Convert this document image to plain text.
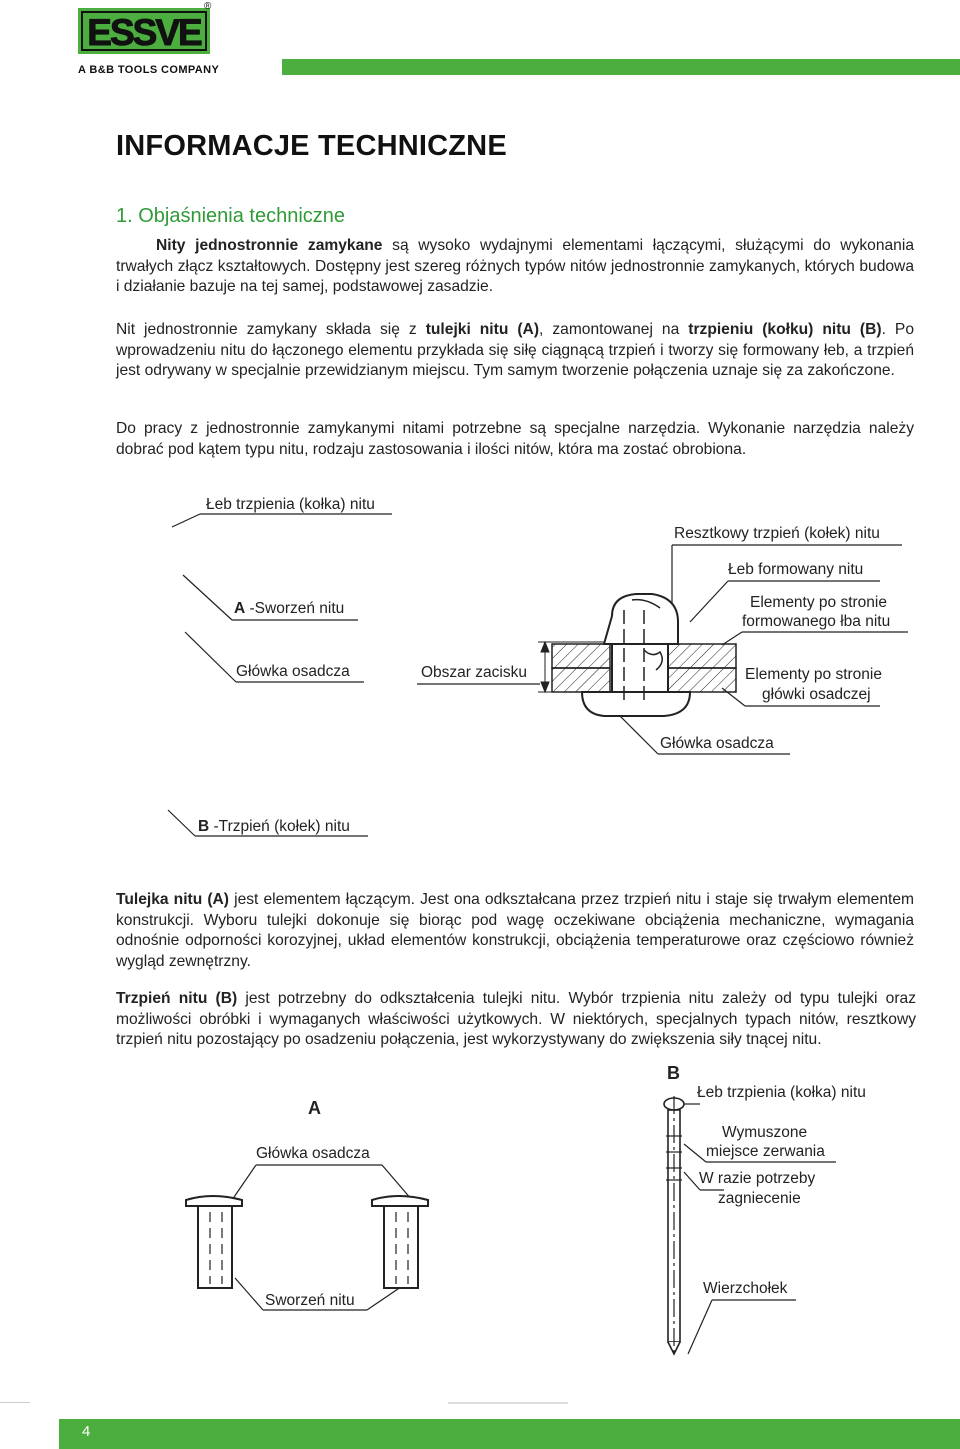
ESSVE
®
A B&B TOOLS COMPANY
INFORMACJE TECHNICZNE
1. Objaśnienia techniczne
Nity jednostronnie zamykane są wysoko wydajnymi elementami łączącymi, służącymi do wykonania trwałych złącz kształtowych. Dostępny jest szereg różnych typów nitów jednostronnie zamykanych, których budowa i działanie bazuje na tej samej, podstawowej zasadzie.
Nit jednostronnie zamykany składa się z tulejki nitu (A), zamontowanej na trzpieniu (kołku) nitu (B). Po wprowadzeniu nitu do łączonego elementu przykłada się siłę ciągnącą trzpień i tworzy się formowany łeb, a trzpień jest odrywany w specjalnie przewidzianym miejscu. Tym samym tworzenie połączenia uznaje się za zakończone.
Do pracy z jednostronnie zamykanymi nitami potrzebne są specjalne narzędzia. Wykonanie narzędzia należy dobrać pod kątem typu nitu, rodzaju zastosowania i ilości nitów, która ma zostać obrobiona.
Łeb trzpienia (kołka) nitu
A -Sworzeń nitu
Główka osadcza	Obszar zacisku
Resztkowy trzpień (kołek) nitu
Łeb formowany nitu
Elementy po stronie
formowanego łba nitu
Elementy po stronie
główki osadczej
Główka osadcza
B -Trzpień (kołek) nitu
Tulejka nitu (A) jest elementem łączącym. Jest ona odkształcana przez trzpień nitu i staje się trwałym elementem konstrukcji. Wyboru tulejki dokonuje się biorąc pod wagę oczekiwane obciążenia mechaniczne, wymagania odnośnie odporności korozyjnej, układ elementów konstrukcji, obciążenia temperaturowe oraz częściowo również wygląd zewnętrzny.
Trzpień nitu (B) jest potrzebny do odkształcenia tulejki nitu. Wybór trzpienia nitu zależy od typu tulejki oraz możliwości obróbki i wymaganych właściwości użytkowych. W niektórych, specjalnych typach nitów, resztkowy trzpień nitu pozostający po osadzeniu połączenia, jest wykorzystywany do zwiększenia siły tnącej nitu.
A
Główka osadcza
Sworzeń nitu
B
Łeb trzpienia (kołka) nitu
Wymuszone
miejsce zerwania
W razie potrzeby
zagniecenie
Wierzchołek
4
